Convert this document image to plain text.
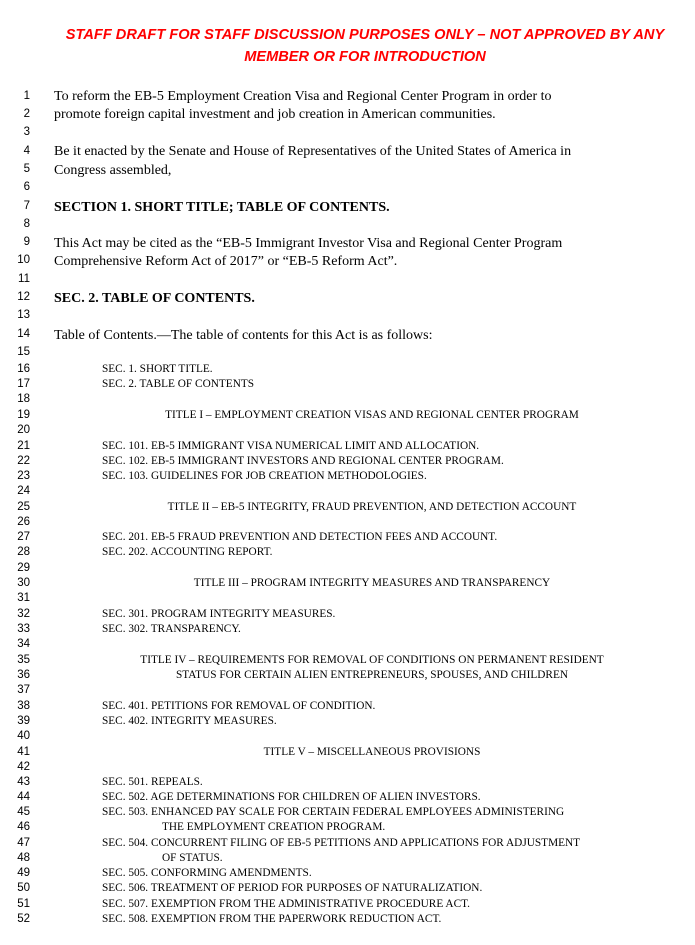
STAFF DRAFT FOR STAFF DISCUSSION PURPOSES ONLY – NOT APPROVED BY ANY
MEMBER OR FOR INTRODUCTION
1
2
3
4
5
6
7
8
9
10
11
12
13
14
15
16
17
18
19
20
21
22
23
24
25
26
27
28
29
30
31
32
33
34
35
36
37
38
39
40
41
42
43
44
45
46
47
48
49
50
51
52
To reform the EB-5 Employment Creation Visa and Regional Center Program in order to
promote foreign capital investment and job creation in American communities.
Be it enacted by the Senate and House of Representatives of the United States of America in
Congress assembled,
SECTION 1. SHORT TITLE; TABLE OF CONTENTS.
This Act may be cited as the “EB-5 Immigrant Investor Visa and Regional Center Program
Comprehensive Reform Act of 2017” or “EB-5 Reform Act”.
SEC. 2. TABLE OF CONTENTS.
Table of Contents.—The table of contents for this Act is as follows:
SEC. 1. SHORT TITLE.
SEC. 2. TABLE OF CONTENTS
TITLE I – EMPLOYMENT CREATION VISAS AND REGIONAL CENTER PROGRAM
SEC. 101. EB-5 IMMIGRANT VISA NUMERICAL LIMIT AND ALLOCATION.
SEC. 102. EB-5 IMMIGRANT INVESTORS AND REGIONAL CENTER PROGRAM.
SEC. 103. GUIDELINES FOR JOB CREATION METHODOLOGIES.
TITLE II – EB-5 INTEGRITY, FRAUD PREVENTION, AND DETECTION ACCOUNT
SEC. 201. EB-5 FRAUD PREVENTION AND DETECTION FEES AND ACCOUNT.
SEC. 202. ACCOUNTING REPORT.
TITLE III – PROGRAM INTEGRITY MEASURES AND TRANSPARENCY
SEC. 301. PROGRAM INTEGRITY MEASURES.
SEC. 302. TRANSPARENCY.
TITLE IV – REQUIREMENTS FOR REMOVAL OF CONDITIONS ON PERMANENT RESIDENT
STATUS FOR CERTAIN ALIEN ENTREPRENEURS, SPOUSES, AND CHILDREN
SEC. 401. PETITIONS FOR REMOVAL OF CONDITION.
SEC. 402. INTEGRITY MEASURES.
TITLE V – MISCELLANEOUS PROVISIONS
SEC. 501. REPEALS.
SEC. 502. AGE DETERMINATIONS FOR CHILDREN OF ALIEN INVESTORS.
SEC. 503. ENHANCED PAY SCALE FOR CERTAIN FEDERAL EMPLOYEES ADMINISTERING
THE EMPLOYMENT CREATION PROGRAM.
SEC. 504. CONCURRENT FILING OF EB-5 PETITIONS AND APPLICATIONS FOR ADJUSTMENT
OF STATUS.
SEC. 505. CONFORMING AMENDMENTS.
SEC. 506. TREATMENT OF PERIOD FOR PURPOSES OF NATURALIZATION.
SEC. 507. EXEMPTION FROM THE ADMINISTRATIVE PROCEDURE ACT.
SEC. 508. EXEMPTION FROM THE PAPERWORK REDUCTION ACT.
